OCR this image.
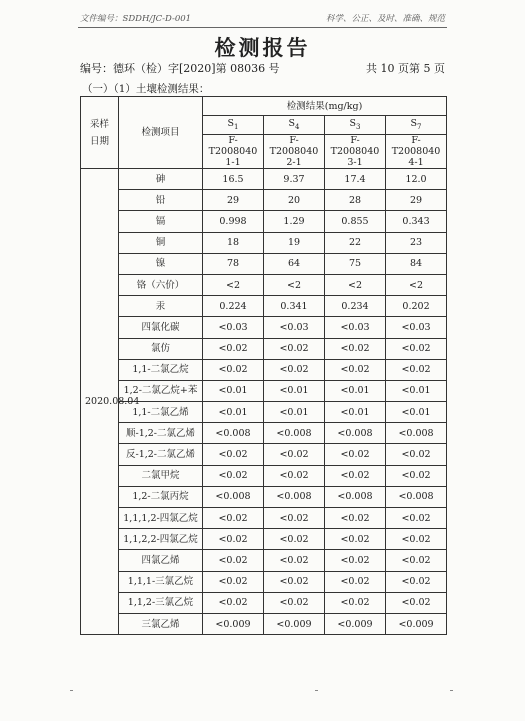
文件编号：SDDH/JC-D-001	科学、公正、及时、准确、规范
检测报告
编号：德环（检）字[2020]第 08036 号	共 10 页第 5 页
（一）（1）土壤检测结果：
采样日期	检测项目	检测结果(mg/kg)			
		$S_1$	$S_4$	$S_3$	$S_7$
		F-T2008040 1-1	F-T2008040 2-1	F-T2008040 3-1	F-T2008040 4-1
2020.08.04	砷	16.5	9.37	17.4	12.0
	铅	29	20	28	29
	镉	0.998	1.29	0.855	0.343
	铜	18	19	22	23
	镍	78	64	75	84
	铬（六价）	<2	<2	<2	<2
	汞	0.224	0.341	0.234	0.202
	四氯化碳	<0.03	<0.03	<0.03	<0.03
	氯仿	<0.02	<0.02	<0.02	<0.02
	1,1-二氯乙烷	<0.02	<0.02	<0.02	<0.02
	1,2-二氯乙烷+苯	<0.01	<0.01	<0.01	<0.01
	1,1-二氯乙烯	<0.01	<0.01	<0.01	<0.01
	顺-1,2-二氯乙烯	<0.008	<0.008	<0.008	<0.008
	反-1,2-二氯乙烯	<0.02	<0.02	<0.02	<0.02
	二氯甲烷	<0.02	<0.02	<0.02	<0.02
	1,2-二氯丙烷	<0.008	<0.008	<0.008	<0.008
	1,1,1,2-四氯乙烷	<0.02	<0.02	<0.02	<0.02
	1,1,2,2-四氯乙烷	<0.02	<0.02	<0.02	<0.02
	四氯乙烯	<0.02	<0.02	<0.02	<0.02
	1,1,1-三氯乙烷	<0.02	<0.02	<0.02	<0.02
	1,1,2-三氯乙烷	<0.02	<0.02	<0.02	<0.02
	三氯乙烯	<0.009	<0.009	<0.009	<0.009
